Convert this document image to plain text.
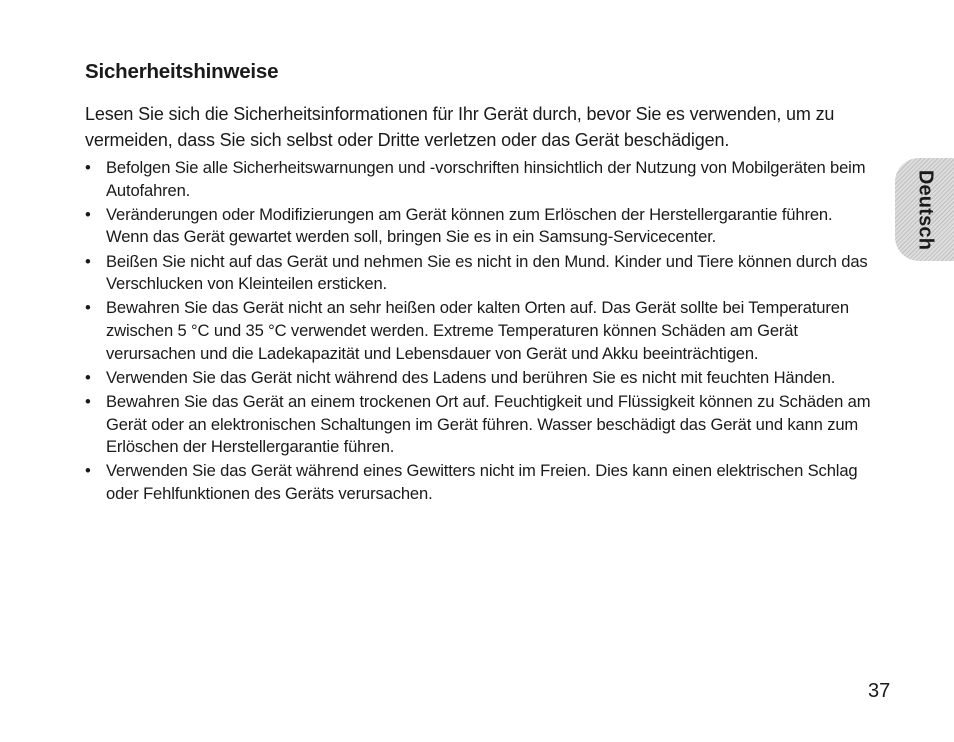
Sicherheitshinweise

Lesen Sie sich die Sicherheitsinformationen für Ihr Gerät durch, bevor Sie es verwenden, um zu vermeiden, dass Sie sich selbst oder Dritte verletzen oder das Gerät beschädigen.

• Befolgen Sie alle Sicherheitswarnungen und -vorschriften hinsichtlich der Nutzung von Mobilgeräten beim Autofahren.
• Veränderungen oder Modifizierungen am Gerät können zum Erlöschen der Herstellergarantie führen. Wenn das Gerät gewartet werden soll, bringen Sie es in ein Samsung-Servicecenter.
• Beißen Sie nicht auf das Gerät und nehmen Sie es nicht in den Mund. Kinder und Tiere können durch das Verschlucken von Kleinteilen ersticken.
• Bewahren Sie das Gerät nicht an sehr heißen oder kalten Orten auf. Das Gerät sollte bei Temperaturen zwischen 5 °C und 35 °C verwendet werden. Extreme Temperaturen können Schäden am Gerät verursachen und die Ladekapazität und Lebensdauer von Gerät und Akku beeinträchtigen.
• Verwenden Sie das Gerät nicht während des Ladens und berühren Sie es nicht mit feuchten Händen.
• Bewahren Sie das Gerät an einem trockenen Ort auf. Feuchtigkeit und Flüssigkeit können zu Schäden am Gerät oder an elektronischen Schaltungen im Gerät führen. Wasser beschädigt das Gerät und kann zum Erlöschen der Herstellergarantie führen.
• Verwenden Sie das Gerät während eines Gewitters nicht im Freien. Dies kann einen elektrischen Schlag oder Fehlfunktionen des Geräts verursachen.
Deutsch
37
